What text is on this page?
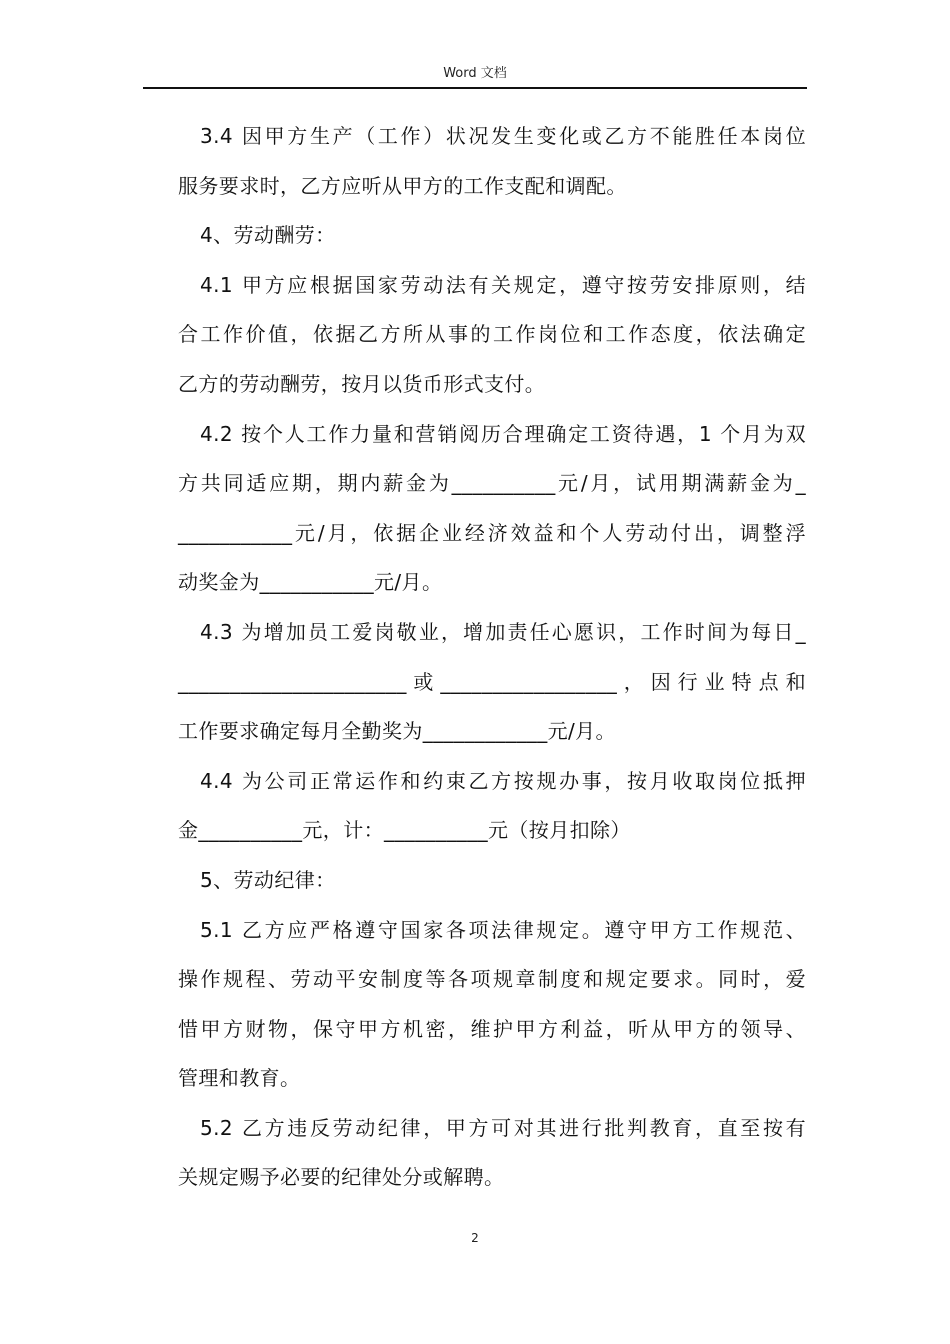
Word 文档
3.4 因甲方生产（工作）状况发生变化或乙方不能胜任本岗位
服务要求时，乙方应听从甲方的工作支配和调配。
4、劳动酬劳：
4.1 甲方应根据国家劳动法有关规定，遵守按劳安排原则，结
合工作价值，依据乙方所从事的工作岗位和工作态度，依法确定
乙方的劳动酬劳，按月以货币形式支付。
4.2 按个人工作力量和营销阅历合理确定工资待遇，1 个月为双
方共同适应期，期内薪金为__________元/月，试用期满薪金为_
___________元/月，依据企业经济效益和个人劳动付出，调整浮
动奖金为___________元/月。
4.3 为增加员工爱岗敬业，增加责任心愿识，工作时间为每日_
______________________或_________________，因行业特点和
工作要求确定每月全勤奖为____________元/月。
4.4 为公司正常运作和约束乙方按规办事，按月收取岗位抵押
金__________元，计：__________元（按月扣除）
5、劳动纪律：
5.1 乙方应严格遵守国家各项法律规定。遵守甲方工作规范、
操作规程、劳动平安制度等各项规章制度和规定要求。同时，爱
惜甲方财物，保守甲方机密，维护甲方利益，听从甲方的领导、
管理和教育。
5.2 乙方违反劳动纪律，甲方可对其进行批判教育，直至按有
关规定赐予必要的纪律处分或解聘。
2
